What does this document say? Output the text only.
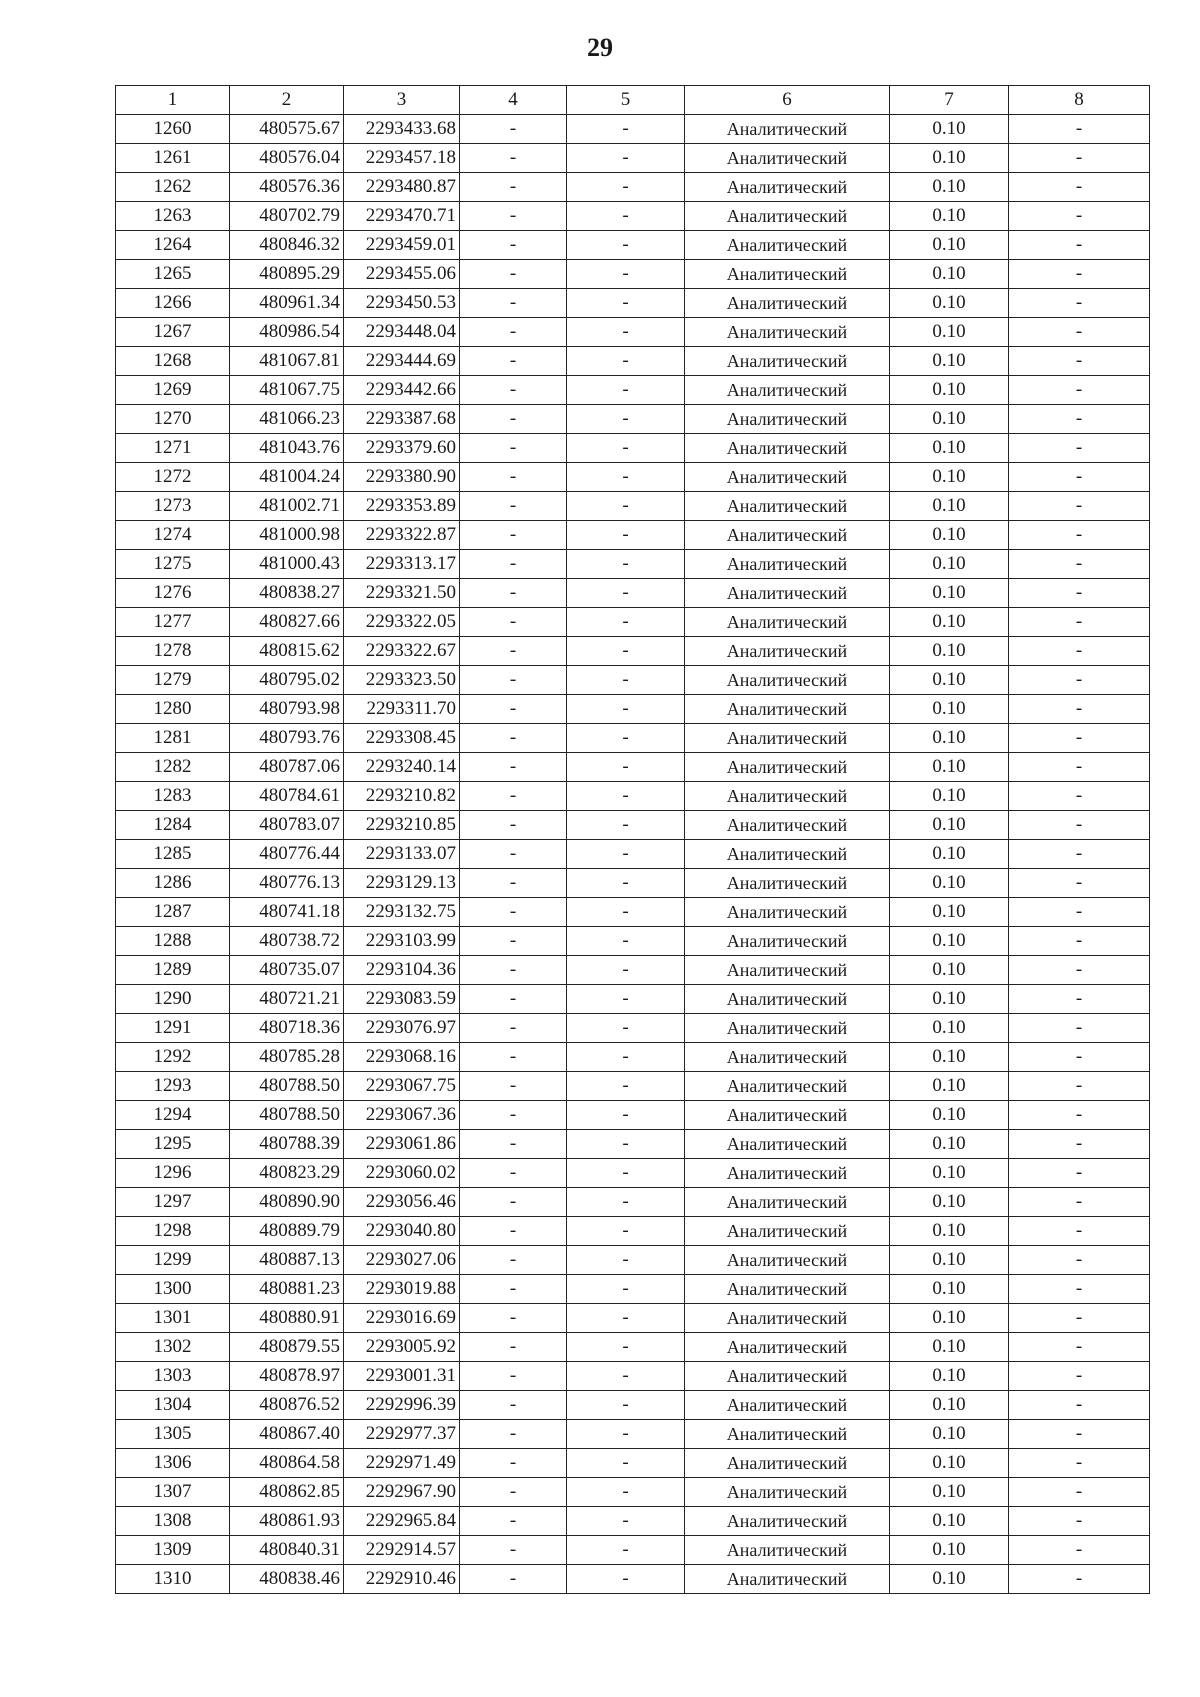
29
1	2	3	4	5	6	7	8
1260	480575.67	2293433.68	-	-	Аналитический	0.10	-
1261	480576.04	2293457.18	-	-	Аналитический	0.10	-
1262	480576.36	2293480.87	-	-	Аналитический	0.10	-
1263	480702.79	2293470.71	-	-	Аналитический	0.10	-
1264	480846.32	2293459.01	-	-	Аналитический	0.10	-
1265	480895.29	2293455.06	-	-	Аналитический	0.10	-
1266	480961.34	2293450.53	-	-	Аналитический	0.10	-
1267	480986.54	2293448.04	-	-	Аналитический	0.10	-
1268	481067.81	2293444.69	-	-	Аналитический	0.10	-
1269	481067.75	2293442.66	-	-	Аналитический	0.10	-
1270	481066.23	2293387.68	-	-	Аналитический	0.10	-
1271	481043.76	2293379.60	-	-	Аналитический	0.10	-
1272	481004.24	2293380.90	-	-	Аналитический	0.10	-
1273	481002.71	2293353.89	-	-	Аналитический	0.10	-
1274	481000.98	2293322.87	-	-	Аналитический	0.10	-
1275	481000.43	2293313.17	-	-	Аналитический	0.10	-
1276	480838.27	2293321.50	-	-	Аналитический	0.10	-
1277	480827.66	2293322.05	-	-	Аналитический	0.10	-
1278	480815.62	2293322.67	-	-	Аналитический	0.10	-
1279	480795.02	2293323.50	-	-	Аналитический	0.10	-
1280	480793.98	2293311.70	-	-	Аналитический	0.10	-
1281	480793.76	2293308.45	-	-	Аналитический	0.10	-
1282	480787.06	2293240.14	-	-	Аналитический	0.10	-
1283	480784.61	2293210.82	-	-	Аналитический	0.10	-
1284	480783.07	2293210.85	-	-	Аналитический	0.10	-
1285	480776.44	2293133.07	-	-	Аналитический	0.10	-
1286	480776.13	2293129.13	-	-	Аналитический	0.10	-
1287	480741.18	2293132.75	-	-	Аналитический	0.10	-
1288	480738.72	2293103.99	-	-	Аналитический	0.10	-
1289	480735.07	2293104.36	-	-	Аналитический	0.10	-
1290	480721.21	2293083.59	-	-	Аналитический	0.10	-
1291	480718.36	2293076.97	-	-	Аналитический	0.10	-
1292	480785.28	2293068.16	-	-	Аналитический	0.10	-
1293	480788.50	2293067.75	-	-	Аналитический	0.10	-
1294	480788.50	2293067.36	-	-	Аналитический	0.10	-
1295	480788.39	2293061.86	-	-	Аналитический	0.10	-
1296	480823.29	2293060.02	-	-	Аналитический	0.10	-
1297	480890.90	2293056.46	-	-	Аналитический	0.10	-
1298	480889.79	2293040.80	-	-	Аналитический	0.10	-
1299	480887.13	2293027.06	-	-	Аналитический	0.10	-
1300	480881.23	2293019.88	-	-	Аналитический	0.10	-
1301	480880.91	2293016.69	-	-	Аналитический	0.10	-
1302	480879.55	2293005.92	-	-	Аналитический	0.10	-
1303	480878.97	2293001.31	-	-	Аналитический	0.10	-
1304	480876.52	2292996.39	-	-	Аналитический	0.10	-
1305	480867.40	2292977.37	-	-	Аналитический	0.10	-
1306	480864.58	2292971.49	-	-	Аналитический	0.10	-
1307	480862.85	2292967.90	-	-	Аналитический	0.10	-
1308	480861.93	2292965.84	-	-	Аналитический	0.10	-
1309	480840.31	2292914.57	-	-	Аналитический	0.10	-
1310	480838.46	2292910.46	-	-	Аналитический	0.10	-
